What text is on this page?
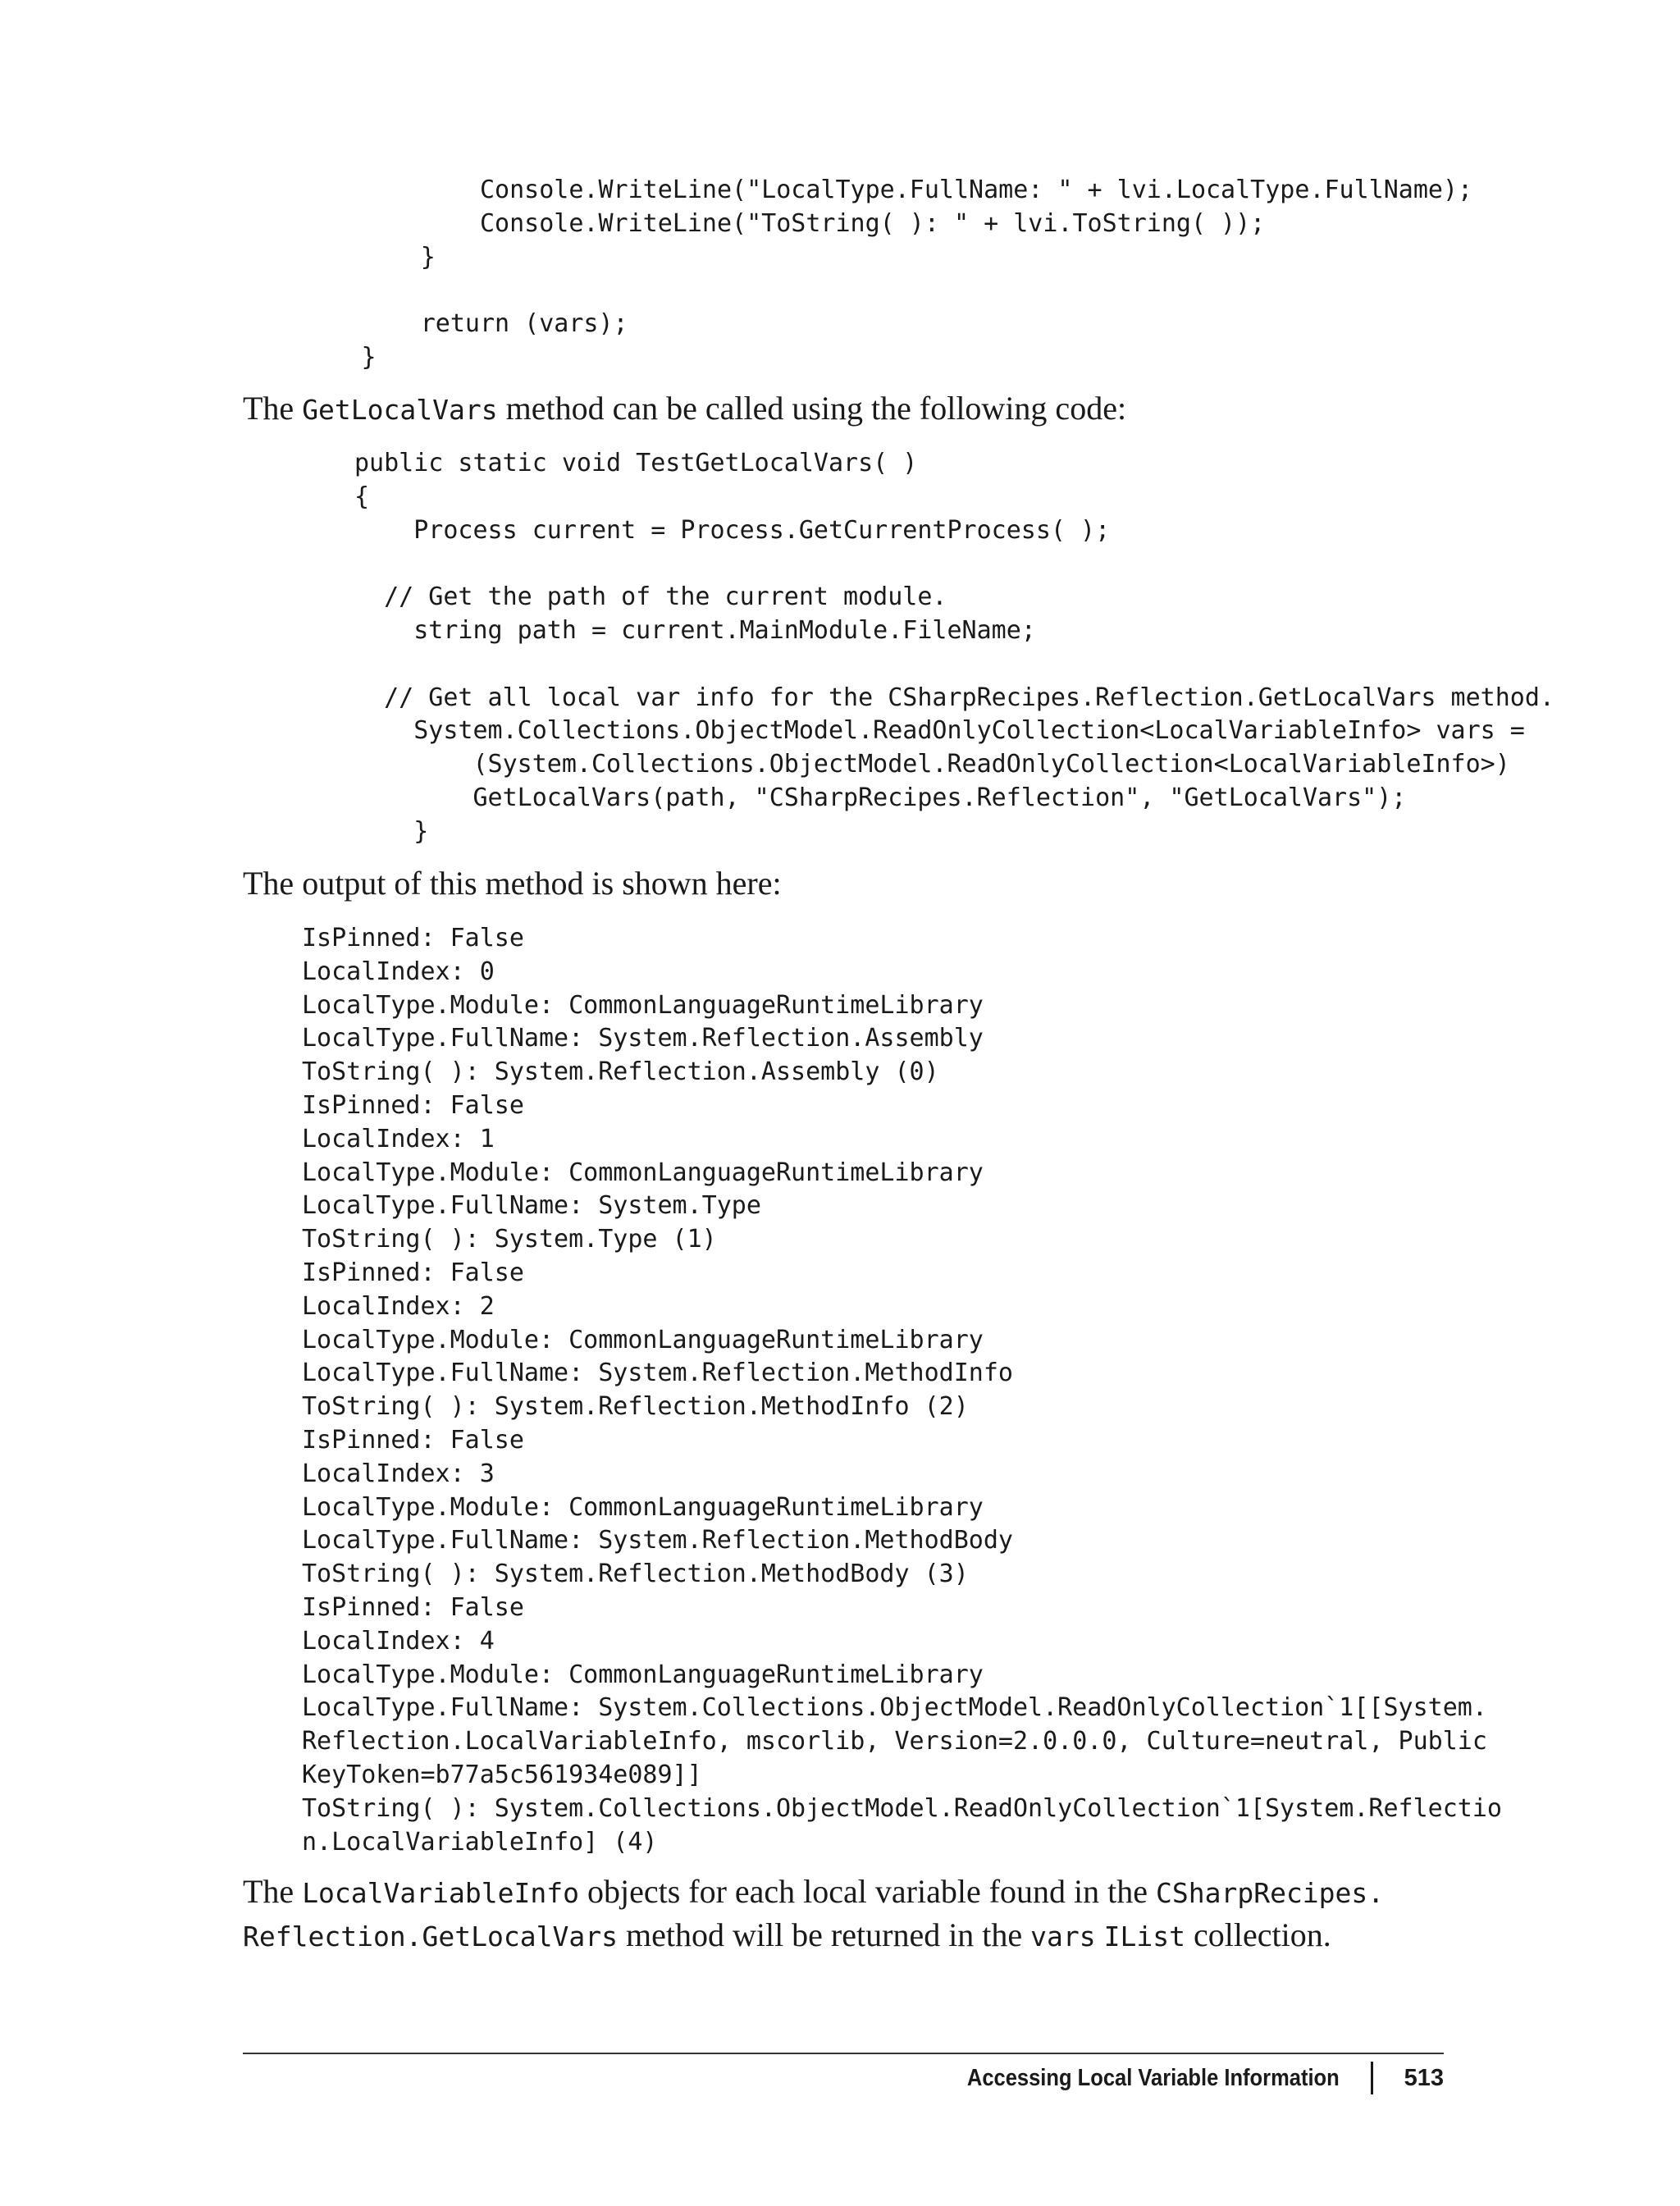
Console.WriteLine("LocalType.FullName: " + lvi.LocalType.FullName);
Console.WriteLine("ToString( ): " + lvi.ToString( ));
}

return (vars);
}

The GetLocalVars method can be called using the following code:

public static void TestGetLocalVars( )
{
Process current = Process.GetCurrentProcess( );

// Get the path of the current module.
string path = current.MainModule.FileName;

// Get all local var info for the CSharpRecipes.Reflection.GetLocalVars method.
System.Collections.ObjectModel.ReadOnlyCollection<LocalVariableInfo> vars =
(System.Collections.ObjectModel.ReadOnlyCollection<LocalVariableInfo>)
GetLocalVars(path, "CSharpRecipes.Reflection", "GetLocalVars");
}

The output of this method is shown here:

IsPinned: False
LocalIndex: 0
LocalType.Module: CommonLanguageRuntimeLibrary
LocalType.FullName: System.Reflection.Assembly
ToString( ): System.Reflection.Assembly (0)
IsPinned: False
LocalIndex: 1
LocalType.Module: CommonLanguageRuntimeLibrary
LocalType.FullName: System.Type
ToString( ): System.Type (1)
IsPinned: False
LocalIndex: 2
LocalType.Module: CommonLanguageRuntimeLibrary
LocalType.FullName: System.Reflection.MethodInfo
ToString( ): System.Reflection.MethodInfo (2)
IsPinned: False
LocalIndex: 3
LocalType.Module: CommonLanguageRuntimeLibrary
LocalType.FullName: System.Reflection.MethodBody
ToString( ): System.Reflection.MethodBody (3)
IsPinned: False
LocalIndex: 4
LocalType.Module: CommonLanguageRuntimeLibrary
LocalType.FullName: System.Collections.ObjectModel.ReadOnlyCollection`1[[System.
Reflection.LocalVariableInfo, mscorlib, Version=2.0.0.0, Culture=neutral, Public
KeyToken=b77a5c561934e089]]
ToString( ): System.Collections.ObjectModel.ReadOnlyCollection`1[System.Reflectio
n.LocalVariableInfo] (4)

The LocalVariableInfo objects for each local variable found in the CSharpRecipes.
Reflection.GetLocalVars method will be returned in the vars IList collection.

Accessing Local Variable Information	513
